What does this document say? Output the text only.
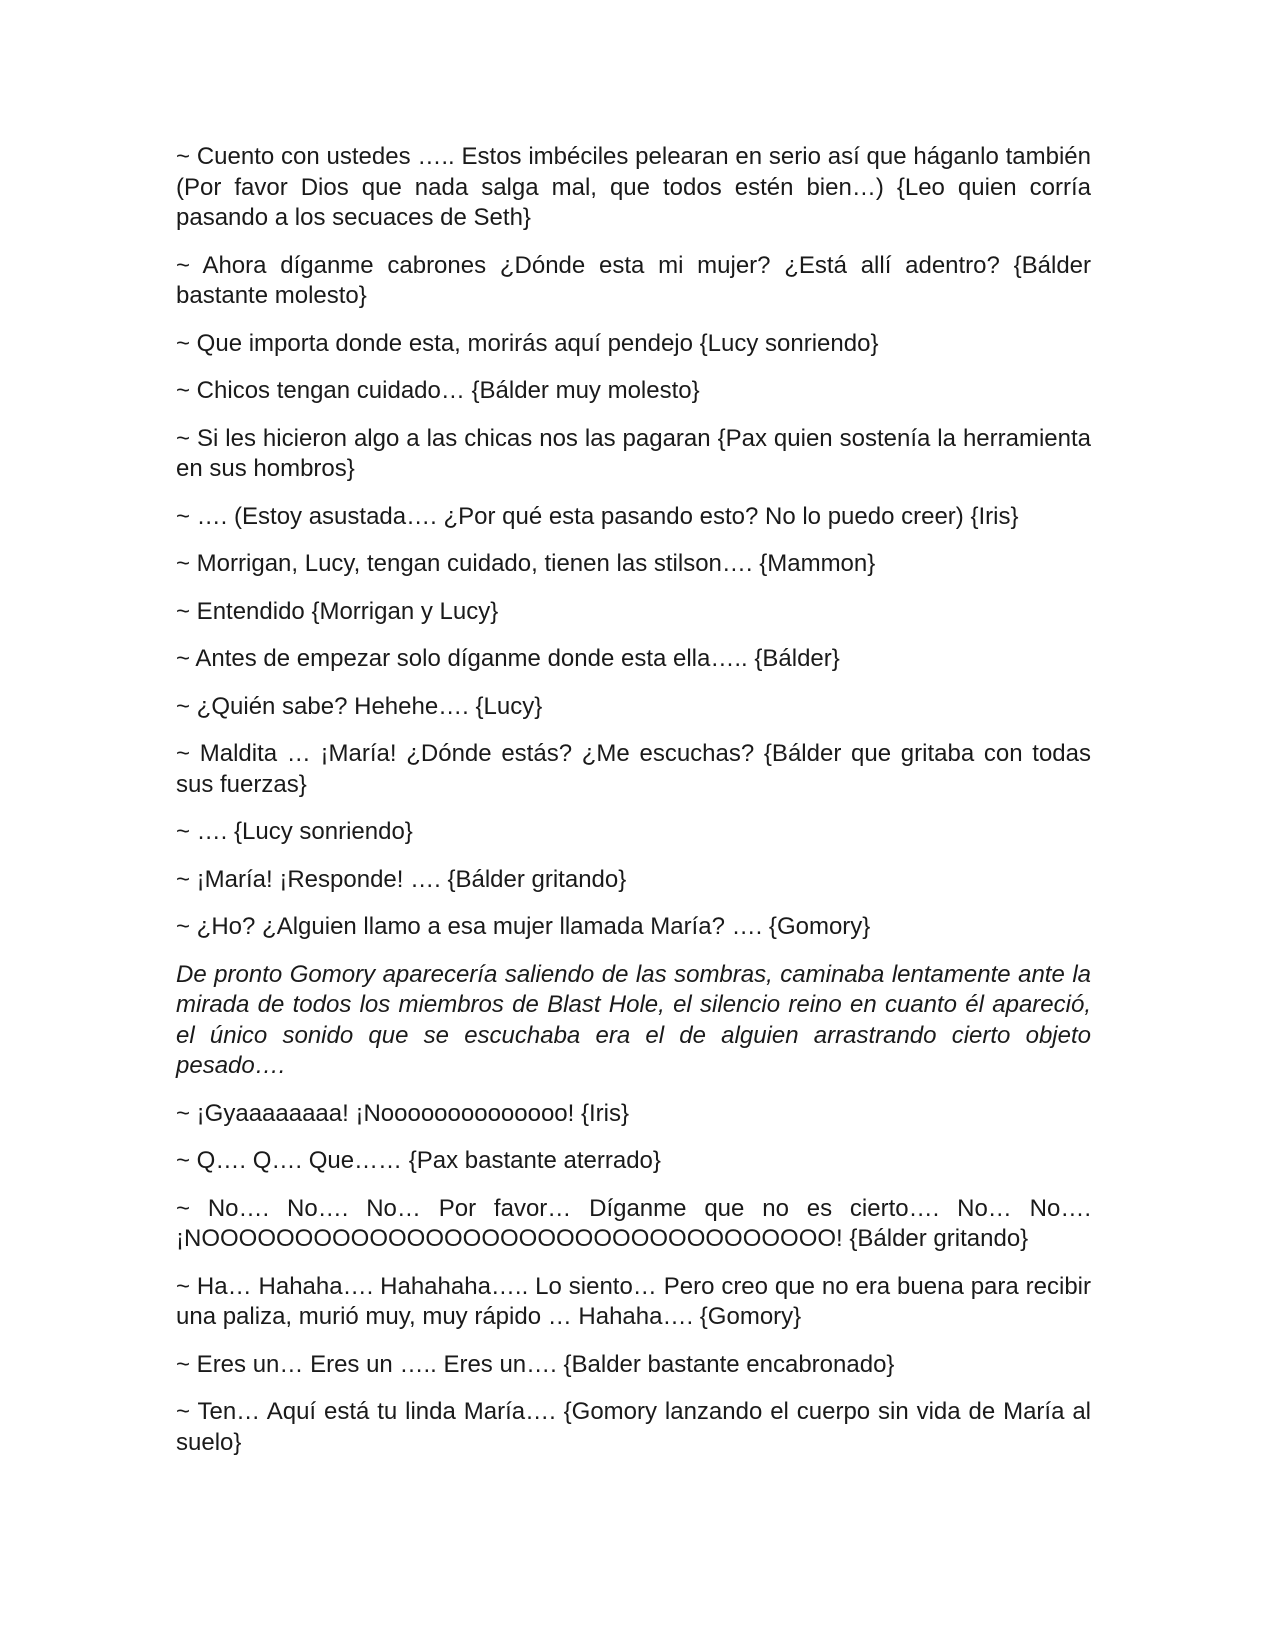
~ Cuento con ustedes ….. Estos imbéciles pelearan en serio así que háganlo también (Por favor Dios que nada salga mal, que todos estén bien…) {Leo quien corría pasando a los secuaces de Seth}

~ Ahora díganme cabrones ¿Dónde esta mi mujer? ¿Está allí adentro? {Bálder bastante molesto}

~ Que importa donde esta, morirás aquí pendejo {Lucy sonriendo}

~ Chicos tengan cuidado… {Bálder muy molesto}

~ Si les hicieron algo a las chicas nos las pagaran {Pax quien sostenía la herramienta en sus hombros}

~ …. (Estoy asustada…. ¿Por qué esta pasando esto? No lo puedo creer) {Iris}

~ Morrigan, Lucy, tengan cuidado, tienen las stilson…. {Mammon}

~ Entendido {Morrigan y Lucy}

~ Antes de empezar solo díganme donde esta ella….. {Bálder}

~ ¿Quién sabe? Hehehe…. {Lucy}

~ Maldita … ¡María! ¿Dónde estás? ¿Me escuchas? {Bálder que gritaba con todas sus fuerzas}

~ …. {Lucy sonriendo}

~ ¡María! ¡Responde! …. {Bálder gritando}

~ ¿Ho? ¿Alguien llamo a esa mujer llamada María? …. {Gomory}

De pronto Gomory aparecería saliendo de las sombras, caminaba lentamente ante la mirada de todos los miembros de Blast Hole, el silencio reino en cuanto él apareció, el único sonido que se escuchaba era el de alguien arrastrando cierto objeto pesado….

~ ¡Gyaaaaaaaa! ¡Noooooooooooooo! {Iris}

~ Q…. Q…. Que…… {Pax bastante aterrado}

~ No…. No…. No… Por favor… Díganme que no es cierto…. No… No…. ¡NOOOOOOOOOOOOOOOOOOOOOOOOOOOOOOOOOO! {Bálder gritando}

~ Ha… Hahaha…. Hahahaha….. Lo siento… Pero creo que no era buena para recibir una paliza, murió muy, muy rápido … Hahaha…. {Gomory}

~ Eres un… Eres un ….. Eres un…. {Balder bastante encabronado}

~ Ten… Aquí está tu linda María…. {Gomory lanzando el cuerpo sin vida de María al suelo}
